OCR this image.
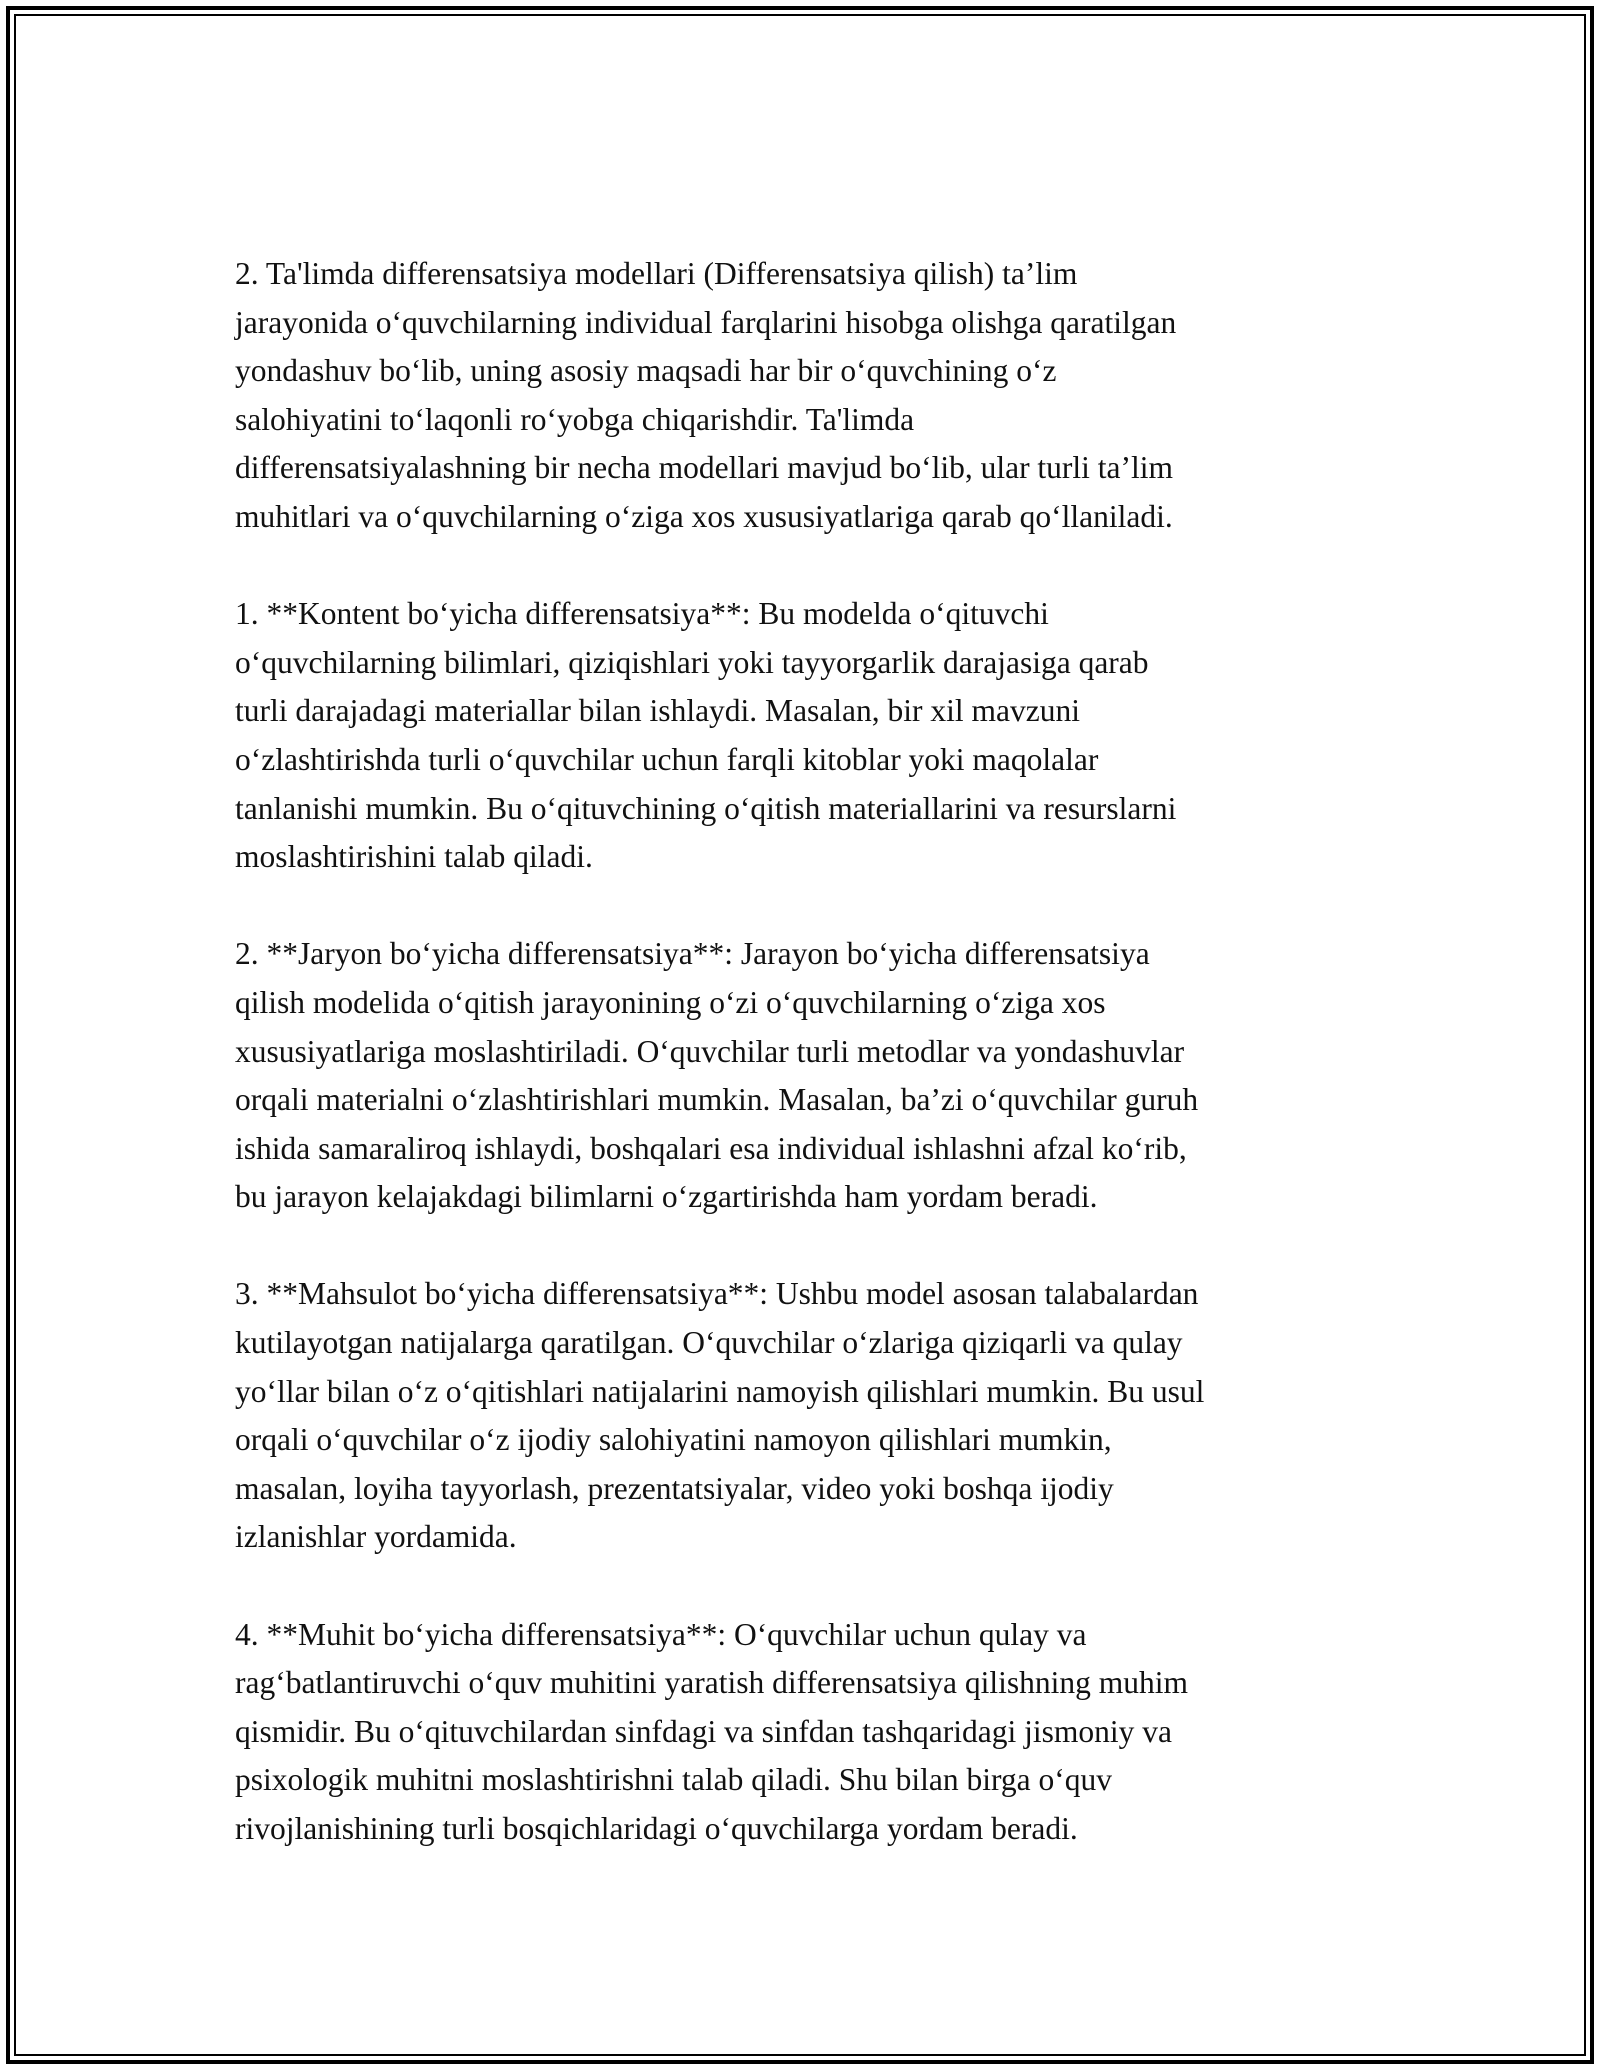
2. Ta'limda differensatsiya modellari (Differensatsiya qilish) ta’lim
jarayonida o‘quvchilarning individual farqlarini hisobga olishga qaratilgan
yondashuv bo‘lib, uning asosiy maqsadi har bir o‘quvchining o‘z
salohiyatini to‘laqonli ro‘yobga chiqarishdir. Ta'limda
differensatsiyalashning bir necha modellari mavjud bo‘lib, ular turli ta’lim
muhitlari va o‘quvchilarning o‘ziga xos xususiyatlariga qarab qo‘llaniladi.

1. **Kontent bo‘yicha differensatsiya**: Bu modelda o‘qituvchi
o‘quvchilarning bilimlari, qiziqishlari yoki tayyorgarlik darajasiga qarab
turli darajadagi materiallar bilan ishlaydi. Masalan, bir xil mavzuni
o‘zlashtirishda turli o‘quvchilar uchun farqli kitoblar yoki maqolalar
tanlanishi mumkin. Bu o‘qituvchining o‘qitish materiallarini va resurslarni
moslashtirishini talab qiladi.

2. **Jaryon bo‘yicha differensatsiya**: Jarayon bo‘yicha differensatsiya
qilish modelida o‘qitish jarayonining o‘zi o‘quvchilarning o‘ziga xos
xususiyatlariga moslashtiriladi. O‘quvchilar turli metodlar va yondashuvlar
orqali materialni o‘zlashtirishlari mumkin. Masalan, ba’zi o‘quvchilar guruh
ishida samaraliroq ishlaydi, boshqalari esa individual ishlashni afzal ko‘rib,
bu jarayon kelajakdagi bilimlarni o‘zgartirishda ham yordam beradi.

3. **Mahsulot bo‘yicha differensatsiya**: Ushbu model asosan talabalardan
kutilayotgan natijalarga qaratilgan. O‘quvchilar o‘zlariga qiziqarli va qulay
yo‘llar bilan o‘z o‘qitishlari natijalarini namoyish qilishlari mumkin. Bu usul
orqali o‘quvchilar o‘z ijodiy salohiyatini namoyon qilishlari mumkin,
masalan, loyiha tayyorlash, prezentatsiyalar, video yoki boshqa ijodiy
izlanishlar yordamida.

4. **Muhit bo‘yicha differensatsiya**: O‘quvchilar uchun qulay va
rag‘batlantiruvchi o‘quv muhitini yaratish differensatsiya qilishning muhim
qismidir. Bu o‘qituvchilardan sinfdagi va sinfdan tashqaridagi jismoniy va
psixologik muhitni moslashtirishni talab qiladi. Shu bilan birga o‘quv
rivojlanishining turli bosqichlaridagi o‘quvchilarga yordam beradi.
